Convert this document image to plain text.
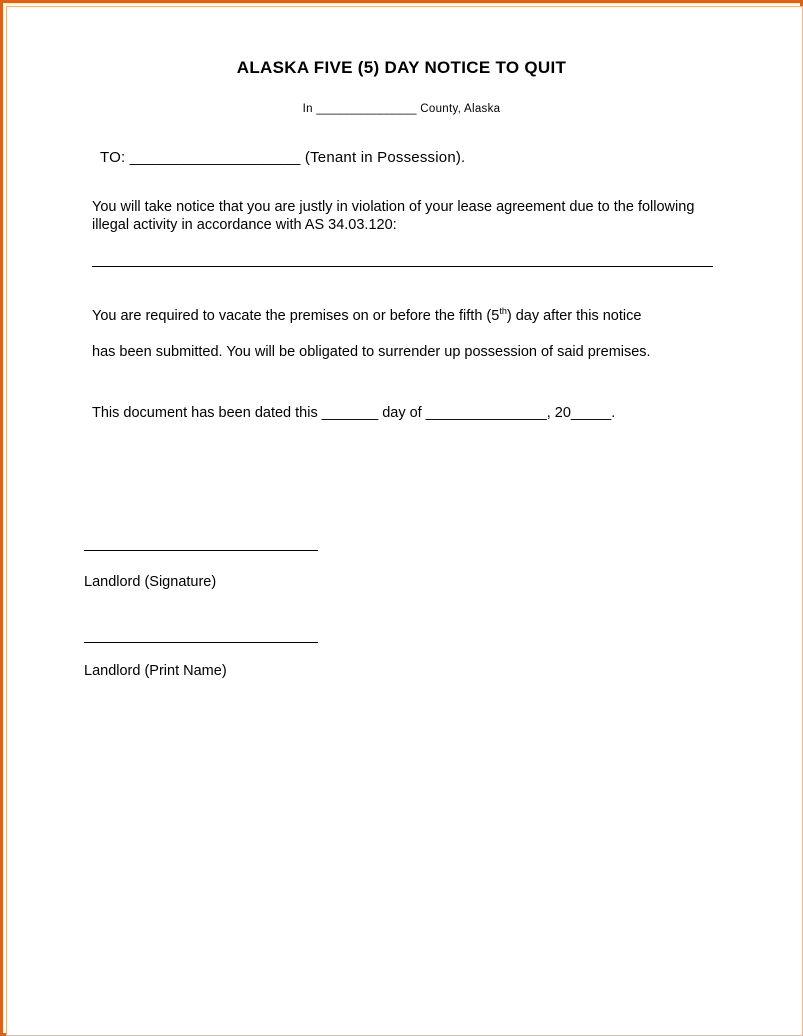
ALASKA FIVE (5) DAY NOTICE TO QUIT
In _______________ County, Alaska
TO: ____________________ (Tenant in Possession).
You will take notice that you are justly in violation of your lease agreement due to the following illegal activity in accordance with AS 34.03.120:
You are required to vacate the premises on or before the fifth (5th) day after this notice
has been submitted. You will be obligated to surrender up possession of said premises.
This document has been dated this _______ day of _______________, 20_____.
Landlord (Signature)
Landlord (Print Name)
